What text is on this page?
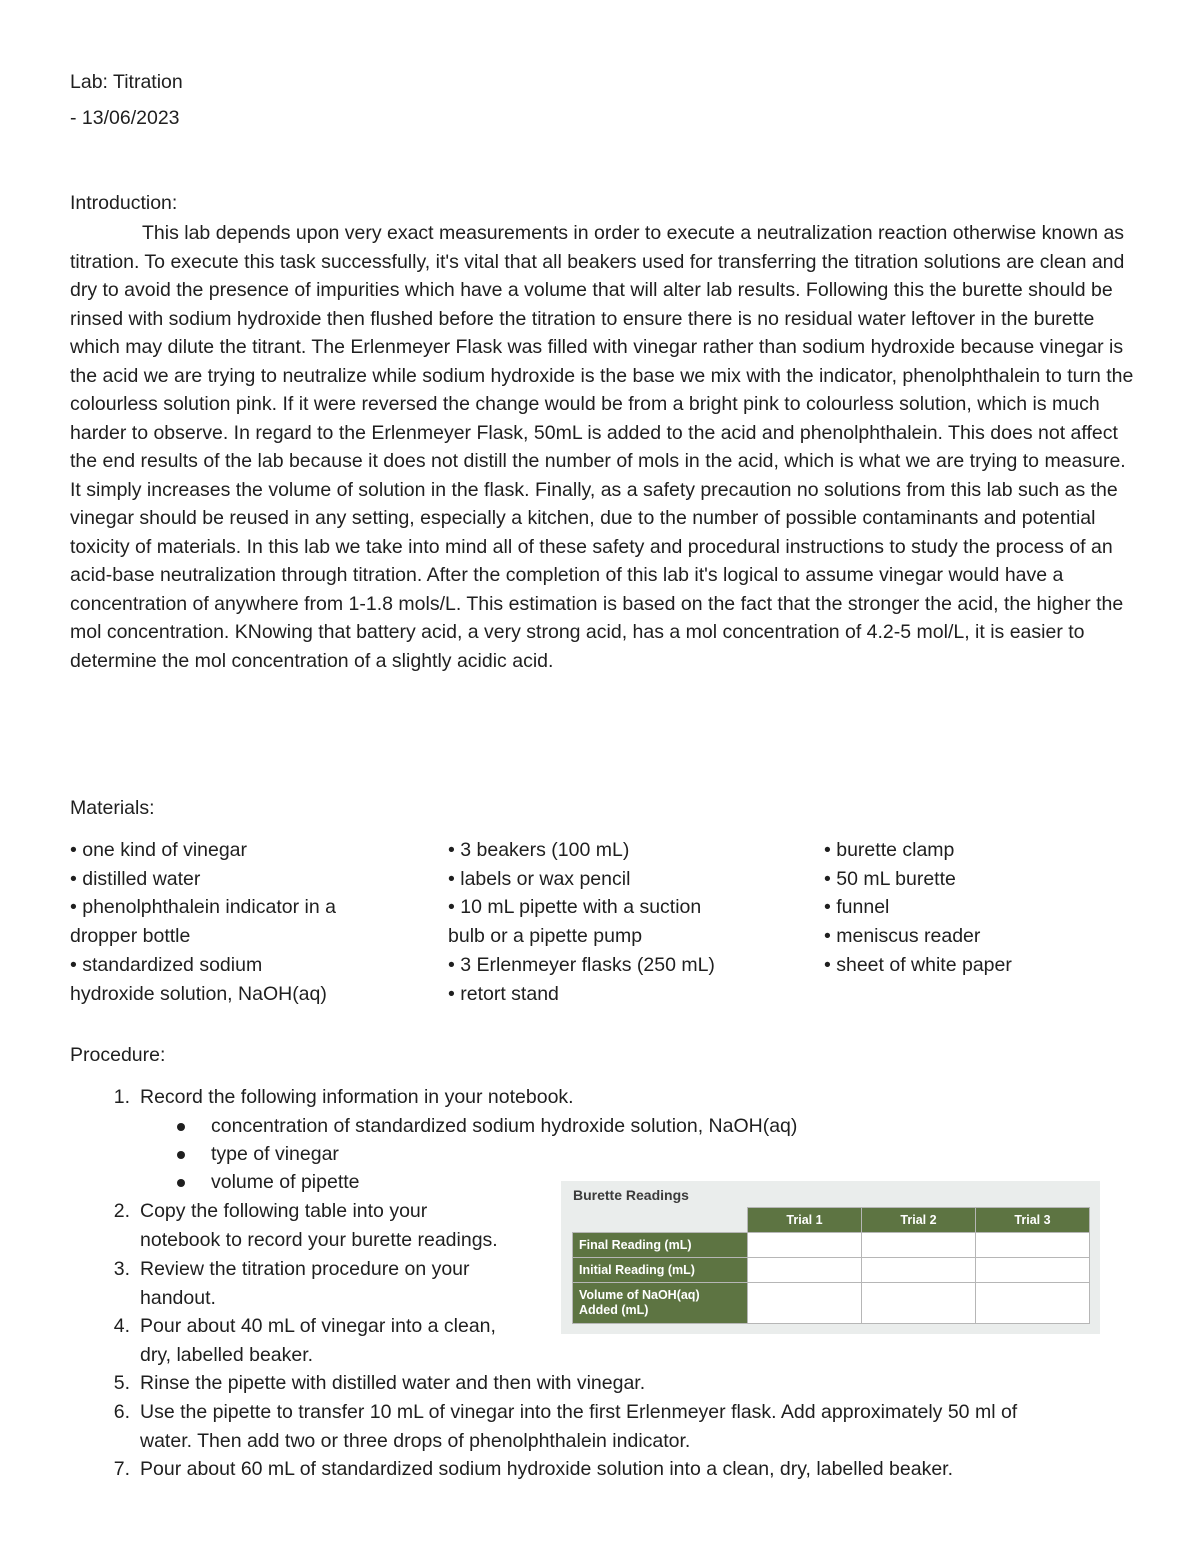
Lab: Titration
- 13/06/2023
Introduction:
This lab depends upon very exact measurements in order to execute a neutralization reaction otherwise known as titration. To execute this task successfully, it's vital that all beakers used for transferring the titration solutions are clean and dry to avoid the presence of impurities which have a volume that will alter lab results. Following this the burette should be rinsed with sodium hydroxide then flushed before the titration to ensure there is no residual water leftover in the burette which may dilute the titrant. The Erlenmeyer Flask was filled with vinegar rather than sodium hydroxide because vinegar is the acid we are trying to neutralize while sodium hydroxide is the base we mix with the indicator, phenolphthalein to turn the colourless solution pink. If it were reversed the change would be from a bright pink to colourless solution, which is much harder to observe. In regard to the Erlenmeyer Flask, 50mL is added to the acid and phenolphthalein. This does not affect the end results of the lab because it does not distill the number of mols in the acid, which is what we are trying to measure. It simply increases the volume of solution in the flask. Finally, as a safety precaution no solutions from this lab such as the vinegar should be reused in any setting, especially a kitchen, due to the number of possible contaminants and potential toxicity of materials. In this lab we take into mind all of these safety and procedural instructions to study the process of an acid-base neutralization through titration. After the completion of this lab it's logical to assume vinegar would have a concentration of anywhere from 1-1.8 mols/L. This estimation is based on the fact that the stronger the acid, the higher the mol concentration. KNowing that battery acid, a very strong acid, has a mol concentration of 4.2-5 mol/L, it is easier to determine the mol concentration of a slightly acidic acid.
Materials:
• one kind of vinegar
• distilled water
• phenolphthalein indicator in a
dropper bottle
• standardized sodium
hydroxide solution, NaOH(aq)
• 3 beakers (100 mL)
• labels or wax pencil
• 10 mL pipette with a suction
bulb or a pipette pump
• 3 Erlenmeyer flasks (250 mL)
• retort stand
• burette clamp
• 50 mL burette
• funnel
• meniscus reader
• sheet of white paper
Procedure:
1. Record the following information in your notebook.
concentration of standardized sodium hydroxide solution, NaOH(aq)
type of vinegar
volume of pipette
2. Copy the following table into your
notebook to record your burette readings.
3. Review the titration procedure on your
handout.
4. Pour about 40 mL of vinegar into a clean,
dry, labelled beaker.
5. Rinse the pipette with distilled water and then with vinegar.
6. Use the pipette to transfer 10 mL of vinegar into the first Erlenmeyer flask. Add approximately 50 ml of
water. Then add two or three drops of phenolphthalein indicator.
7. Pour about 60 mL of standardized sodium hydroxide solution into a clean, dry, labelled beaker.
Burette Readings
	Trial 1	Trial 2	Trial 3
Final Reading (mL)			
Initial Reading (mL)			

Volume of NaOH(aq)
Added (mL)			
